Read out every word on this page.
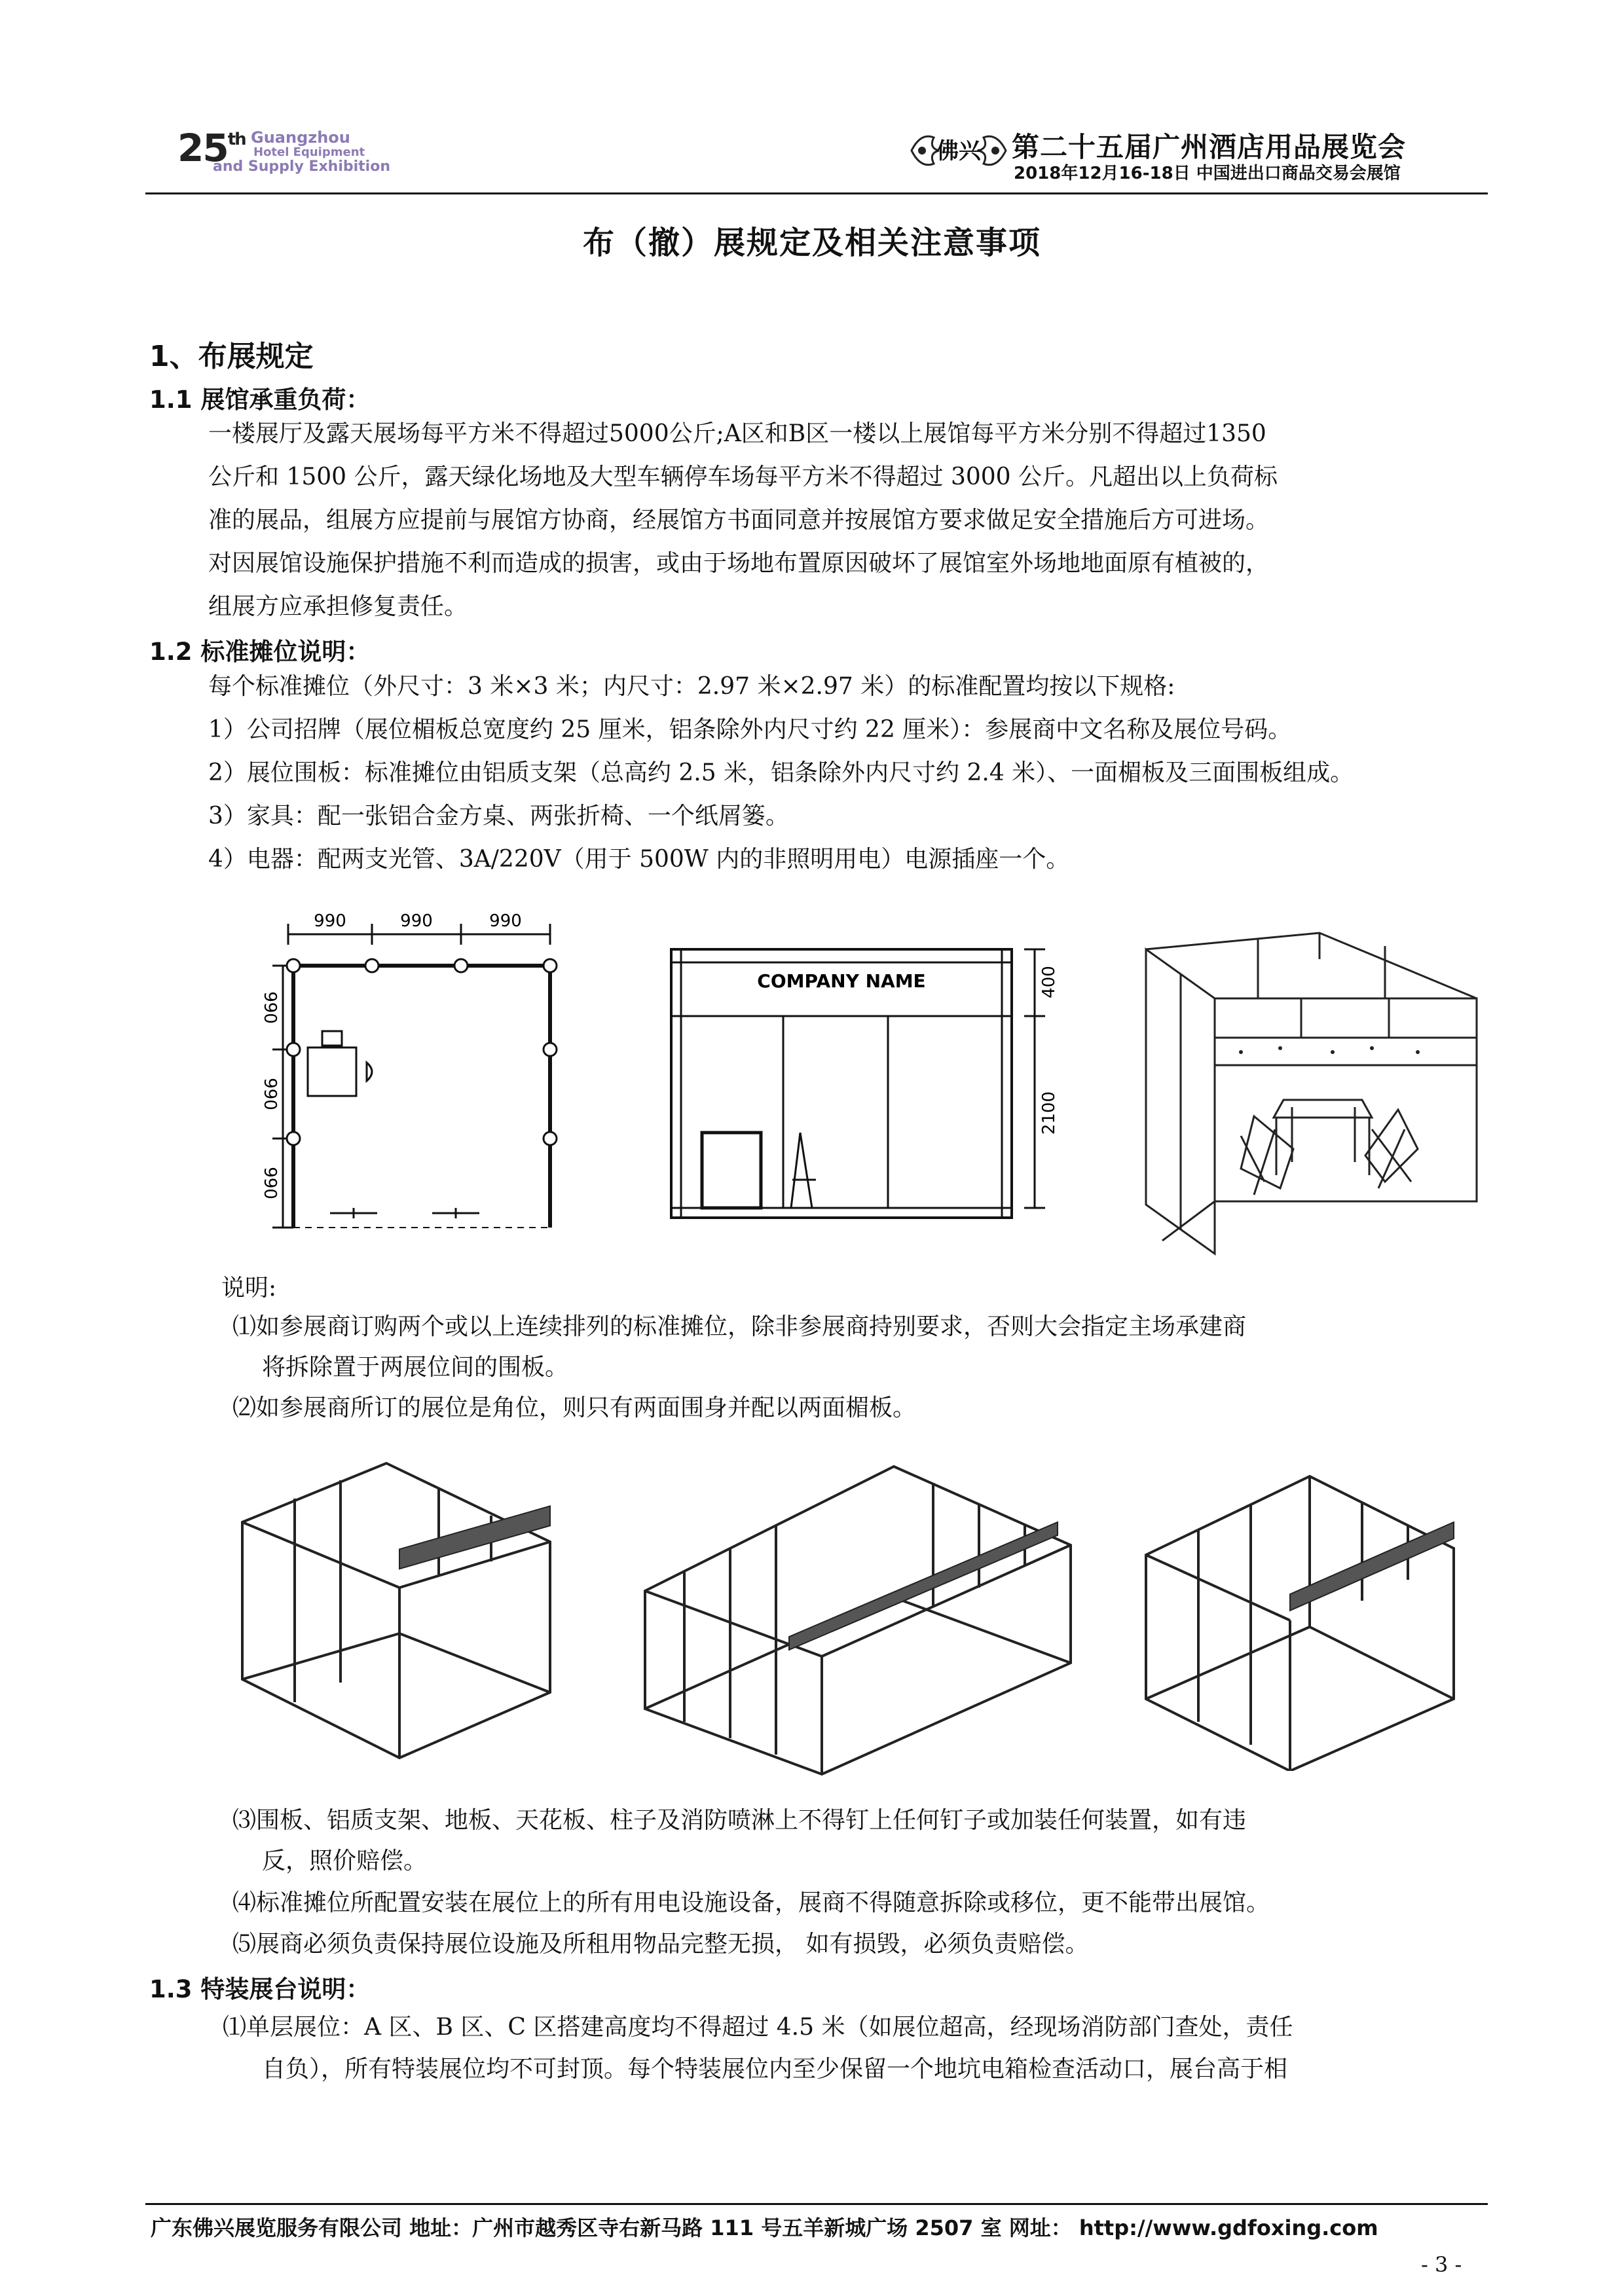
25th Guangzhou
Hotel Equipment
and Supply Exhibition
佛兴 第二十五届广州酒店用品展览会
2018年12月16-18日 中国进出口商品交易会展馆
布（撤）展规定及相关注意事项
1、布展规定
1.1 展馆承重负荷：
一楼展厅及露天展场每平方米不得超过5000公斤;A区和B区一楼以上展馆每平方米分别不得超过1350
公斤和 1500 公斤，露天绿化场地及大型车辆停车场每平方米不得超过 3000 公斤。凡超出以上负荷标
准的展品，组展方应提前与展馆方协商，经展馆方书面同意并按展馆方要求做足安全措施后方可进场。
对因展馆设施保护措施不利而造成的损害，或由于场地布置原因破坏了展馆室外场地地面原有植被的，
组展方应承担修复责任。
1.2 标准摊位说明：
每个标准摊位（外尺寸：3 米×3 米；内尺寸：2.97 米×2.97 米）的标准配置均按以下规格:
1）公司招牌（展位楣板总宽度约 25 厘米，铝条除外内尺寸约 22 厘米）：参展商中文名称及展位号码。
2）展位围板：标准摊位由铝质支架（总高约 2.5 米，铝条除外内尺寸约 2.4 米）、一面楣板及三面围板组成。
3）家具：配一张铝合金方桌、两张折椅、一个纸屑篓。
4）电器：配两支光管、3A/220V（用于 500W 内的非照明用电）电源插座一个。
990	990	990
990
990
990
COMPANY NAME	400
2100
说明:
⑴如参展商订购两个或以上连续排列的标准摊位，除非参展商持别要求，否则大会指定主场承建商
将拆除置于两展位间的围板。
⑵如参展商所订的展位是角位，则只有两面围身并配以两面楣板。
⑶围板、铝质支架、地板、天花板、柱子及消防喷淋上不得钉上任何钉子或加装任何装置，如有违
反，照价赔偿。
⑷标准摊位所配置安装在展位上的所有用电设施设备，展商不得随意拆除或移位，更不能带出展馆。
⑸展商必须负责保持展位设施及所租用物品完整无损， 如有损毁，必须负责赔偿。
1.3 特装展台说明：
⑴单层展位：A 区、B 区、C 区搭建高度均不得超过 4.5 米（如展位超高，经现场消防部门查处，责任
自负），所有特装展位均不可封顶。每个特装展位内至少保留一个地坑电箱检查活动口，展台高于相
广东佛兴展览服务有限公司 地址：广州市越秀区寺右新马路 111 号五羊新城广场 2507 室 网址： http://www.gdfoxing.com
- 3 -
